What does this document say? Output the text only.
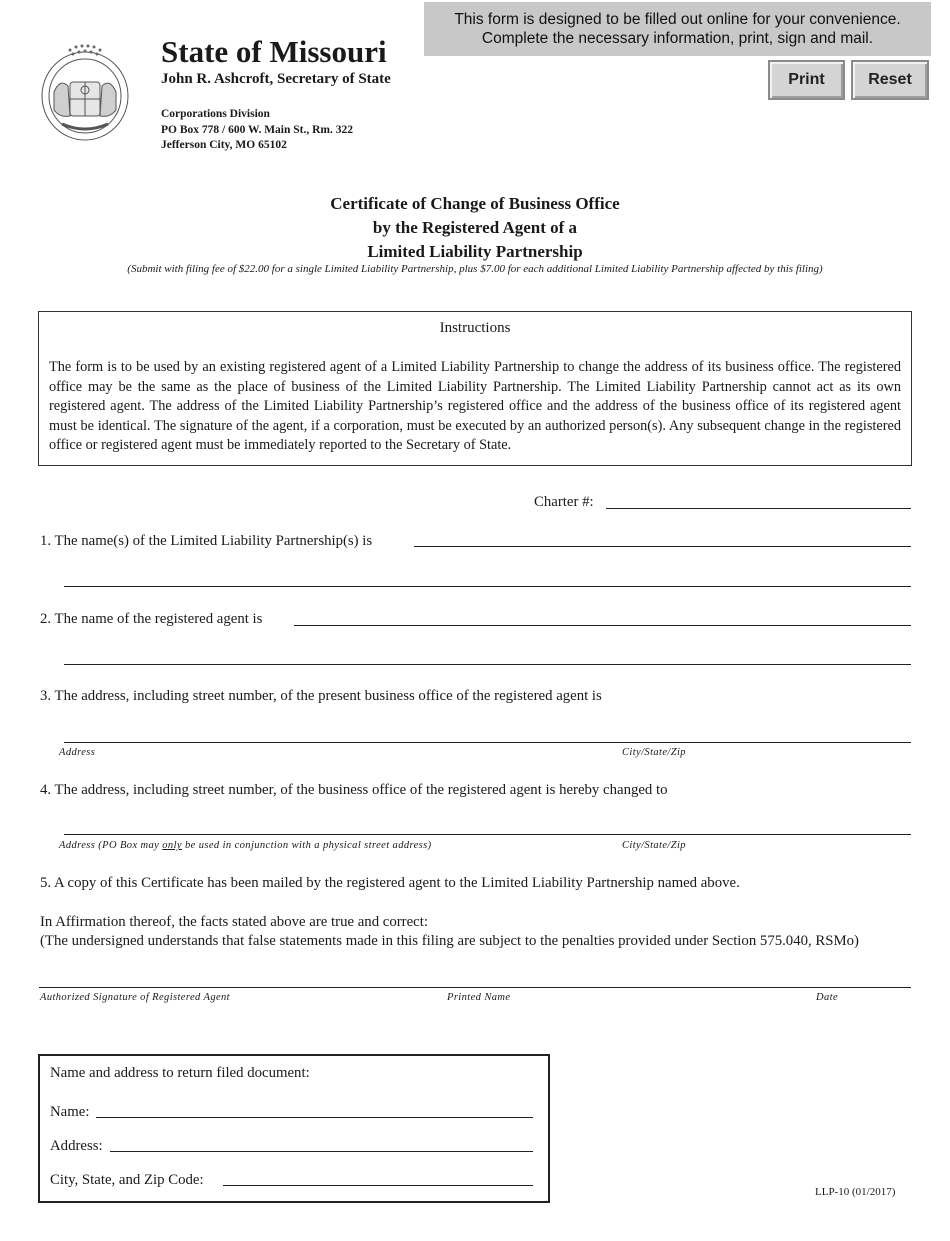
This form is designed to be filled out online for your convenience.
Complete the necessary information, print, sign and mail.
Print	Reset
State of Missouri
John R. Ashcroft, Secretary of State
Corporations Division
PO Box 778 / 600 W. Main St., Rm. 322
Jefferson City, MO 65102
Certificate of Change of Business Office
by the Registered Agent of a
Limited Liability Partnership
(Submit with filing fee of $22.00 for a single Limited Liability Partnership, plus $7.00 for each additional Limited Liability Partnership affected by this filing)
Instructions
The form is to be used by an existing registered agent of a Limited Liability Partnership to change the address of its business office. The registered office may be the same as the place of business of the Limited Liability Partnership. The Limited Liability Partnership cannot act as its own registered agent. The address of the Limited Liability Partnership’s registered office and the address of the business office of its registered agent must be identical. The signature of the agent, if a corporation, must be executed by an authorized person(s). Any subsequent change in the registered office or registered agent must be immediately reported to the Secretary of State.
Charter #:
1. The name(s) of the Limited Liability Partnership(s) is
2. The name of the registered agent is
3. The address, including street number, of the present business office of the registered agent is
Address	City/State/Zip
4. The address, including street number, of the business office of the registered agent is hereby changed to
Address (PO Box may only be used in conjunction with a physical street address)	City/State/Zip
5. A copy of this Certificate has been mailed by the registered agent to the Limited Liability Partnership named above.
In Affirmation thereof, the facts stated above are true and correct:
(The undersigned understands that false statements made in this filing are subject to the penalties provided under Section 575.040, RSMo)
Authorized Signature of Registered Agent	Printed Name	Date
Name and address to return filed document:
Name:
Address:
City, State, and Zip Code:
LLP-10 (01/2017)
